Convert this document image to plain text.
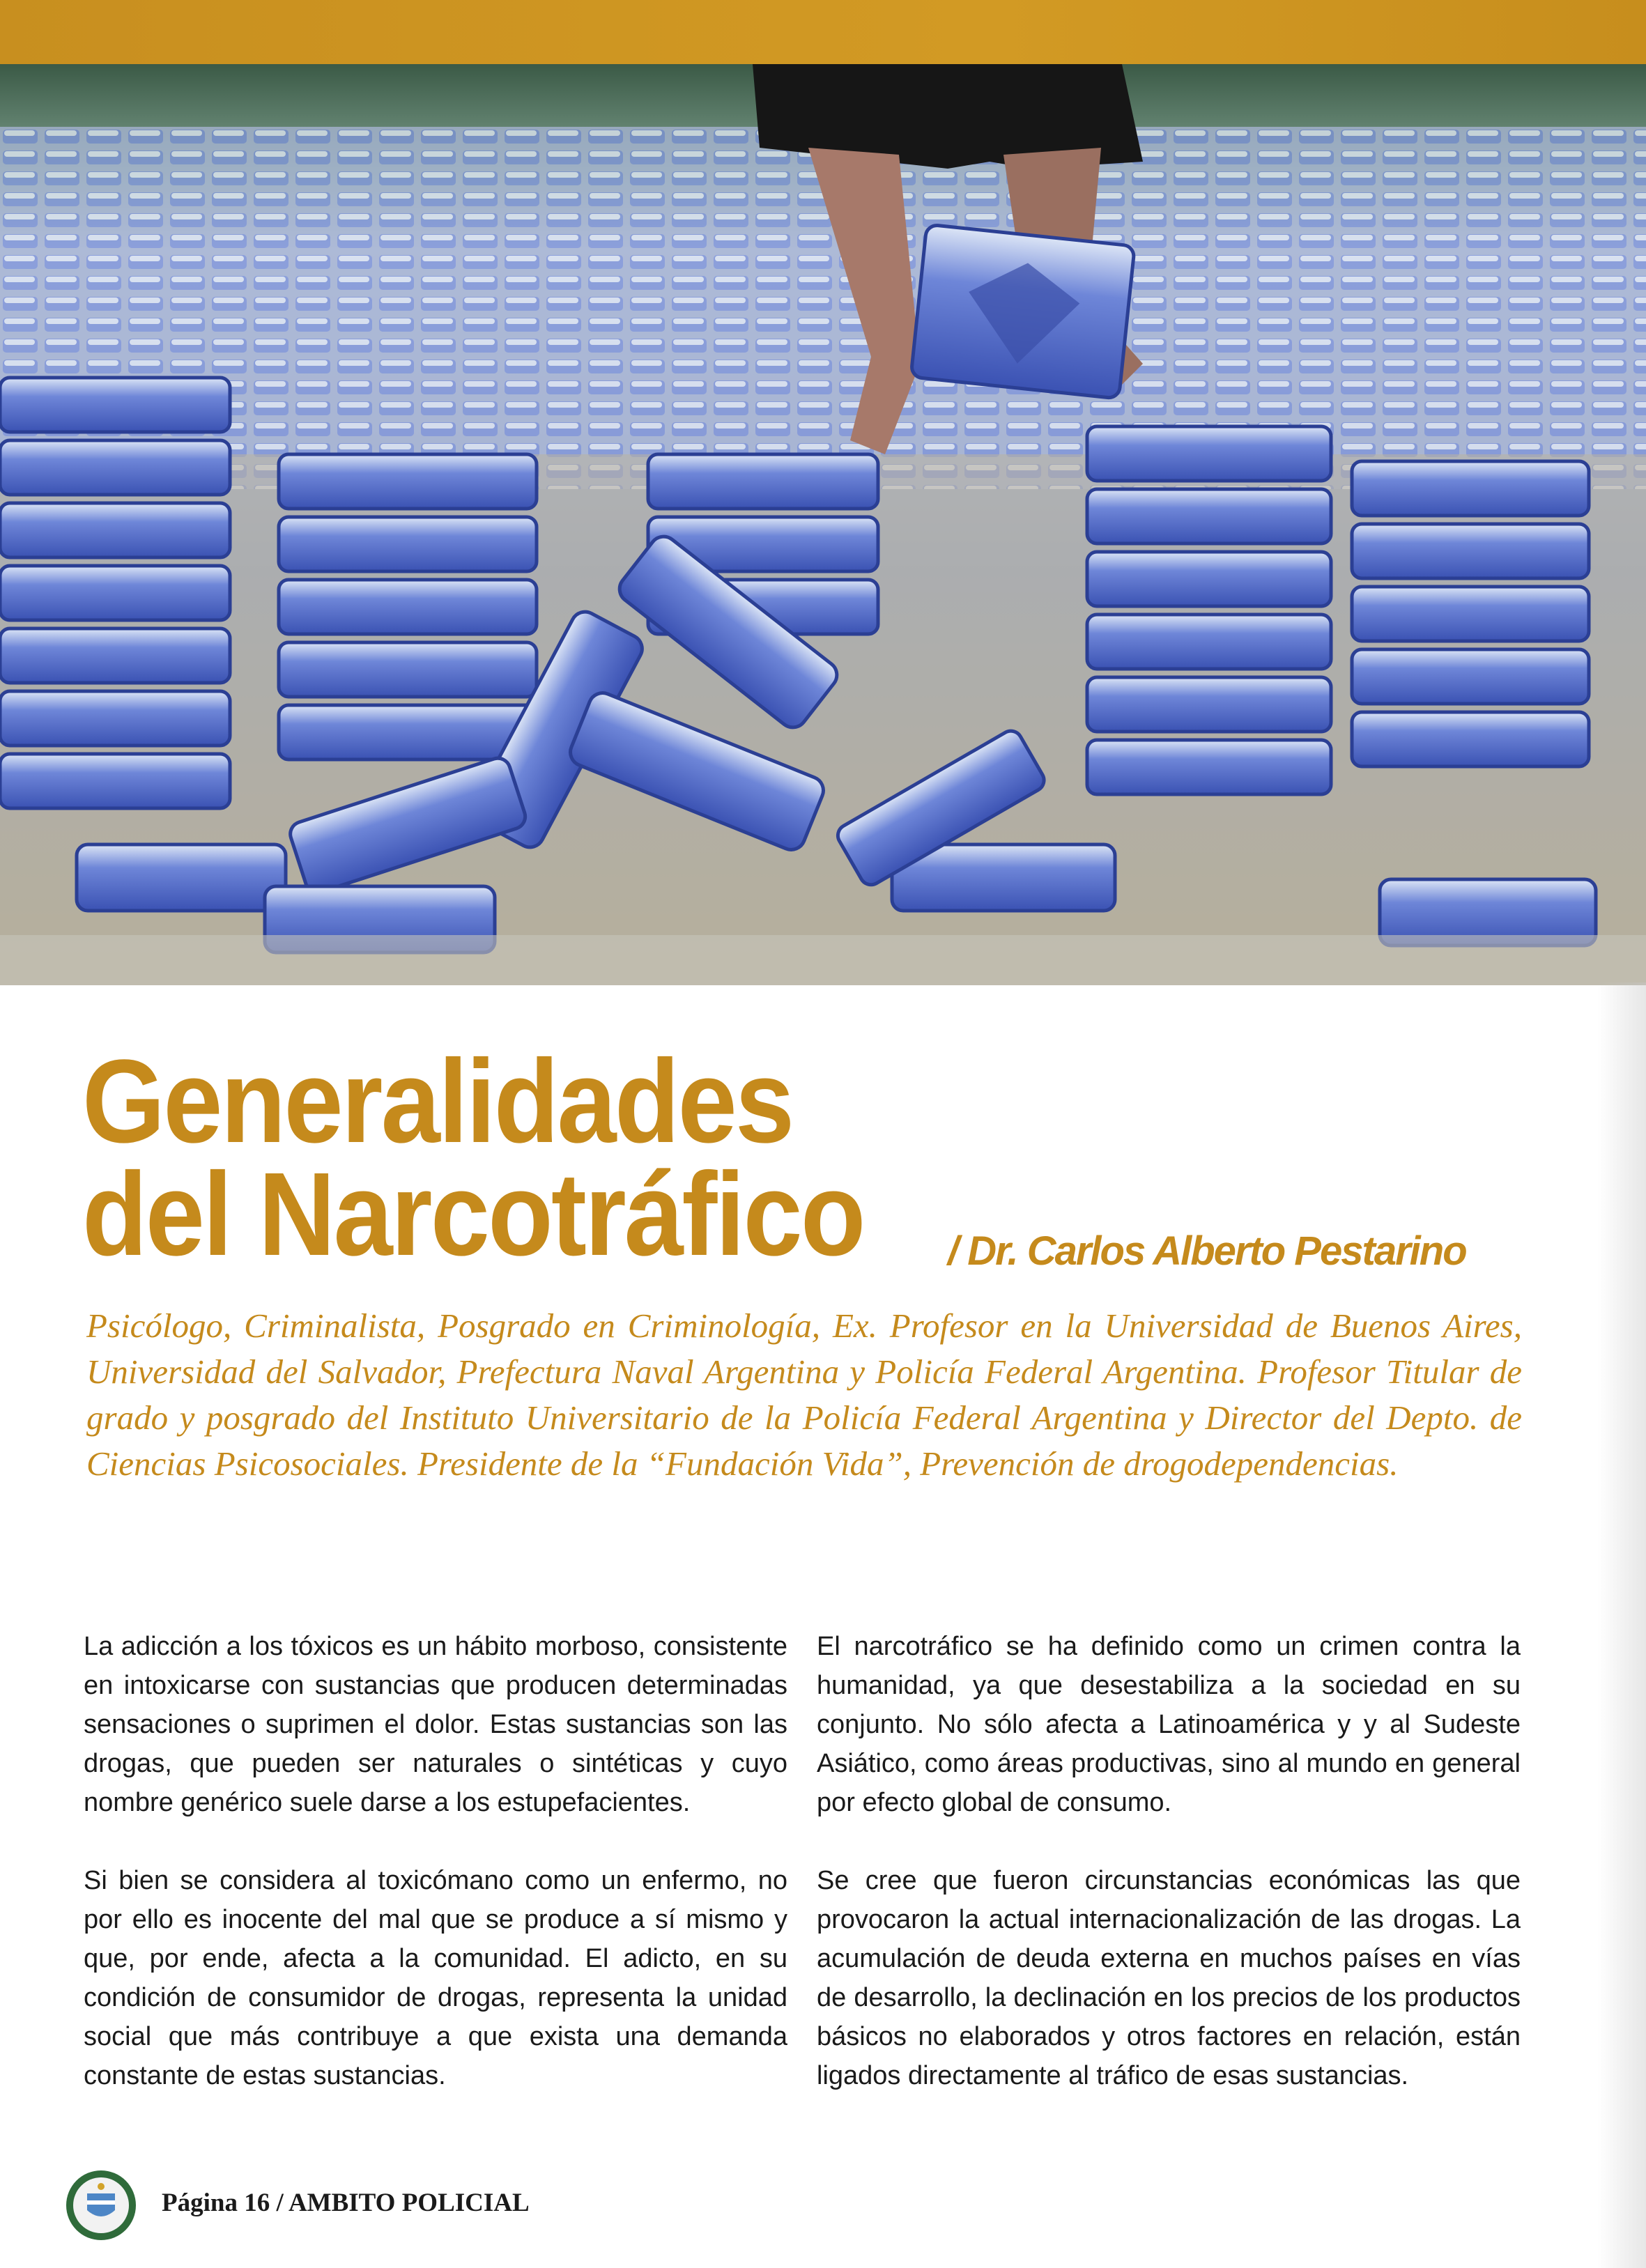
Generalidades
del Narcotráfico / Dr. Carlos Alberto Pestarino

Psicólogo, Criminalista, Posgrado en Criminología, Ex. Profesor en la Universidad de Buenos Aires, Universidad del Salvador, Prefectura Naval Argentina y Policía Federal Argentina. Profesor Titular de grado y posgrado del Instituto Universitario de la Policía Federal Argentina y Director del Depto. de Ciencias Psicosociales. Presidente de la “Fundación Vida”, Prevención de drogodependencias.

La adicción a los tóxicos es un hábito morboso, consistente en intoxicarse con sustancias que producen determinadas sensaciones o suprimen el dolor. Estas sustancias son las drogas, que pueden ser naturales o sintéticas y cuyo nombre genérico suele darse a los estupefacientes.

Si bien se considera al toxicómano como un enfermo, no por ello es inocente del mal que se produce a sí mismo y que, por ende, afecta a la comunidad. El adicto, en su condición de consumidor de drogas, representa la unidad social que más contribuye a que exista una demanda constante de estas sustancias.

El narcotráfico se ha definido como un crimen contra la humanidad, ya que desestabiliza a la sociedad en su conjunto. No sólo afecta a Latinoamérica y y al Sudeste Asiático, como áreas productivas, sino al mundo en general por efecto global de consumo.

Se cree que fueron circunstancias económicas las que provocaron la actual internacionalización de las drogas. La acumulación de deuda externa en muchos países en vías de desarrollo, la declinación en los precios de los productos básicos no elaborados y otros factores en relación, están ligados directamente al tráfico de esas sustancias.

Página 16 / AMBITO POLICIAL
